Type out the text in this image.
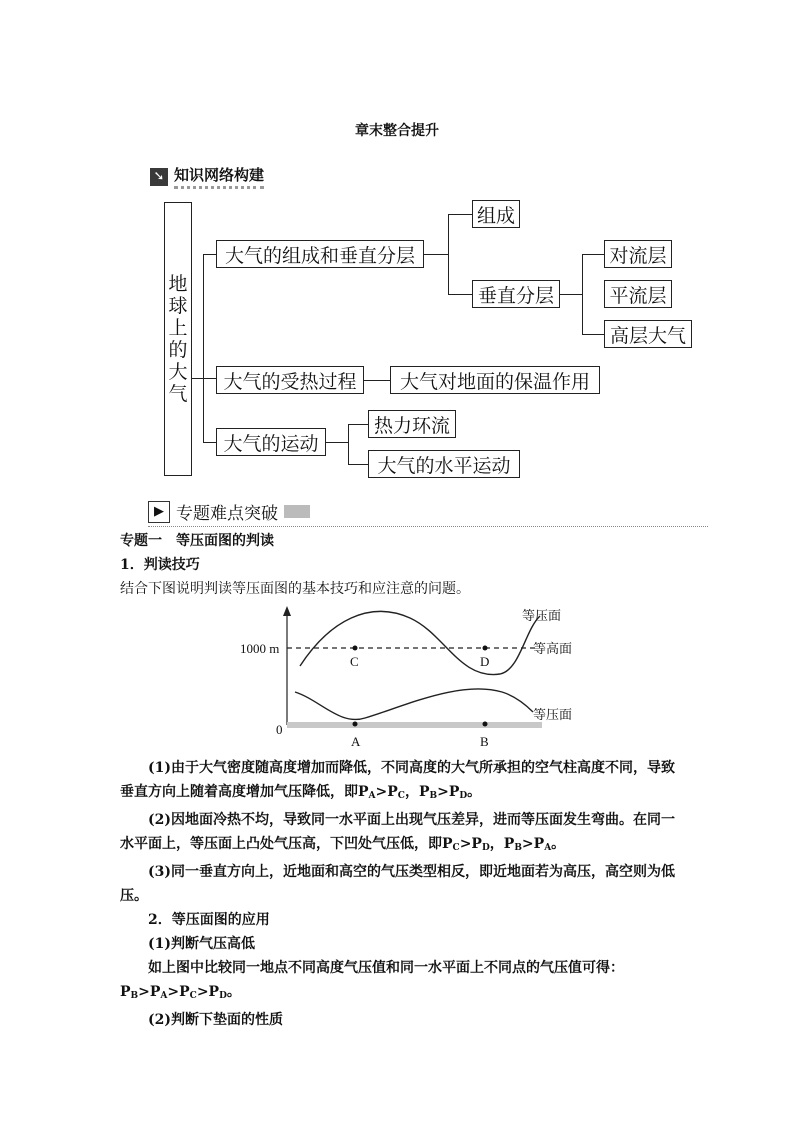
章末整合提升
➘ 知识网络构建
地球上的大气
大气的组成和垂直分层
组成
垂直分层
对流层
平流层
高层大气
大气的受热过程	大气对地面的保温作用
大气的运动
热力环流
大气的水平运动
▶ 专题难点突破

专题一　等压面图的判读

1．判读技巧

结合下图说明判读等压面图的基本技巧和应注意的问题。

1000 m
0
C	D
A	B
等压面
等高面
等压面

(1)由于大气密度随高度增加而降低，不同高度的大气所承担的空气柱高度不同，导致垂直方向上随着高度增加气压降低，即$P_A>P_C$，$P_B>P_D$。

(2)因地面冷热不均，导致同一水平面上出现气压差异，进而等压面发生弯曲。在同一水平面上，等压面上凸处气压高，下凹处气压低，即$P_C>P_D$，$P_B>P_A$。

(3)同一垂直方向上，近地面和高空的气压类型相反，即近地面若为高压，高空则为低压。

2．等压面图的应用

(1)判断气压高低

如上图中比较同一地点不同高度气压值和同一水平面上不同点的气压值可得：$P_B>P_A>P_C>P_D$。

(2)判断下垫面的性质
